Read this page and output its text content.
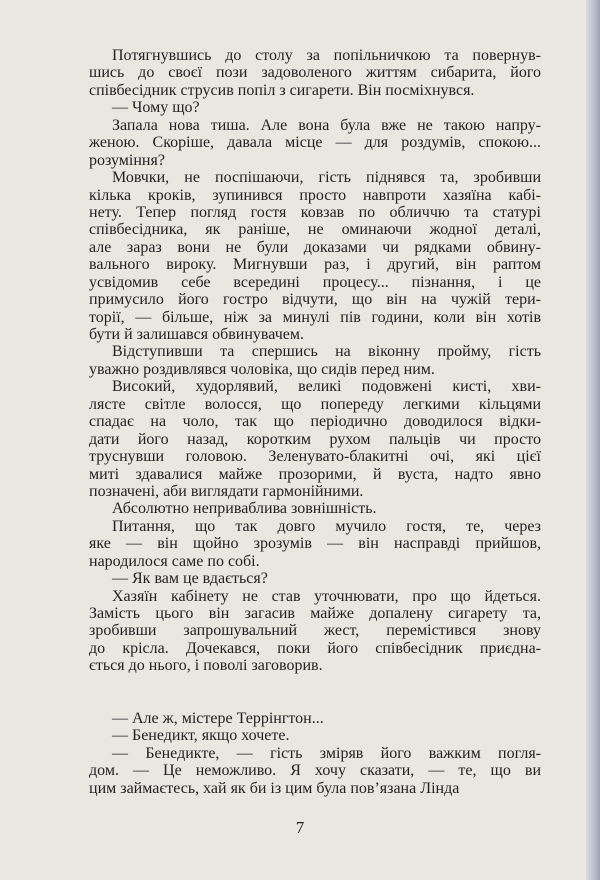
Потягнувшись до столу за попільничкою та повернув-
шись до своєї пози задоволеного життям сибарита, його
співбесідник струсив попіл з сигарети. Він посміхнувся.
— Чому що?
Запала нова тиша. Але вона була вже не такою напру-
женою. Скоріше, давала місце — для роздумів, спокою...
розуміння?
Мовчки, не поспішаючи, гість піднявся та, зробивши
кілька кроків, зупинився просто навпроти хазяїна кабі-
нету. Тепер погляд гостя ковзав по обличчю та статурі
співбесідника, як раніше, не оминаючи жодної деталі,
але зараз вони не були доказами чи рядками обвину-
вального вироку. Мигнувши раз, і другий, він раптом
усвідомив себе всередині процесу... пізнання, і це
примусило його гостро відчути, що він на чужій тери-
торії, — більше, ніж за минулі пів години, коли він хотів
бути й залишався обвинувачем.
Відступивши та спершись на віконну пройму, гість
уважно роздивлявся чоловіка, що сидів перед ним.
Високий, худорлявий, великі подовжені кисті, хви-
лясте світле волосся, що попереду легкими кільцями
спадає на чоло, так що періодично доводилося відки-
дати його назад, коротким рухом пальців чи просто
труснувши головою. Зеленувато-блакитні очі, які цієї
миті здавалися майже прозорими, й вуста, надто явно
позначені, аби виглядати гармонійними.
Абсолютно неприваблива зовнішність.
Питання, що так довго мучило гостя, те, через
яке — він щойно зрозумів — він насправді прийшов,
народилося саме по собі.
— Як вам це вдається?
Хазяїн кабінету не став уточнювати, про що йдеться.
Замість цього він загасив майже допалену сигарету та,
зробивши запрошувальний жест, перемістився знову
до крісла. Дочекався, поки його співбесідник приєдна-
ється до нього, і поволі заговорив.
— Але ж, містере Террінгтон...
— Бенедикт, якщо хочете.
— Бенедикте, — гість зміряв його важким погля-
дом. — Це неможливо. Я хочу сказати, — те, що ви
цим займаєтесь, хай як би із цим була пов’язана Лінда
7
